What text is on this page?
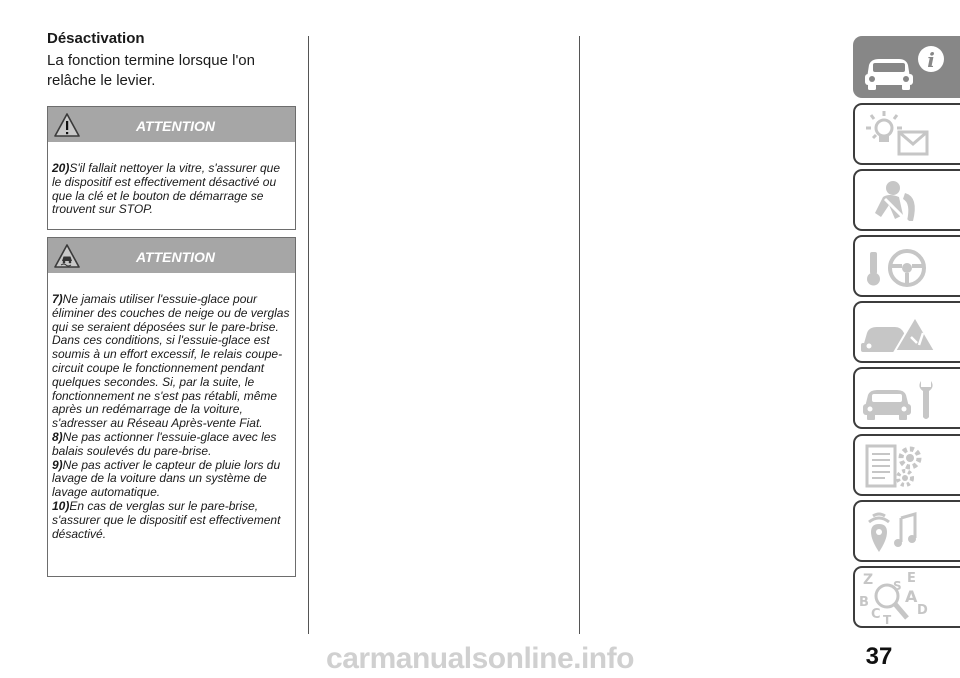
Désactivation
La fonction termine lorsque l'on relâche le levier.
ATTENTION

20)S'il fallait nettoyer la vitre, s'assurer que le dispositif est effectivement désactivé ou que la clé et le bouton de démarrage se trouvent sur STOP.

ATTENTION

7)Ne jamais utiliser l'essuie-glace pour éliminer des couches de neige ou de verglas qui se seraient déposées sur le pare-brise. Dans ces conditions, si l'essuie-glace est soumis à un effort excessif, le relais coupe-circuit coupe le fonctionnement pendant quelques secondes. Si, par la suite, le fonctionnement ne s'est pas rétabli, même après un redémarrage de la voiture, s'adresser au Réseau Après-vente Fiat.

8)Ne pas actionner l'essuie-glace avec les balais soulevés du pare-brise.

9)Ne pas activer le capteur de pluie lors du lavage de la voiture dans un système de lavage automatique.

10)En cas de verglas sur le pare-brise, s'assurer que le dispositif est effectivement désactivé.

i
Z	E
B A
D
C T
S
37
carmanualsonline.info
